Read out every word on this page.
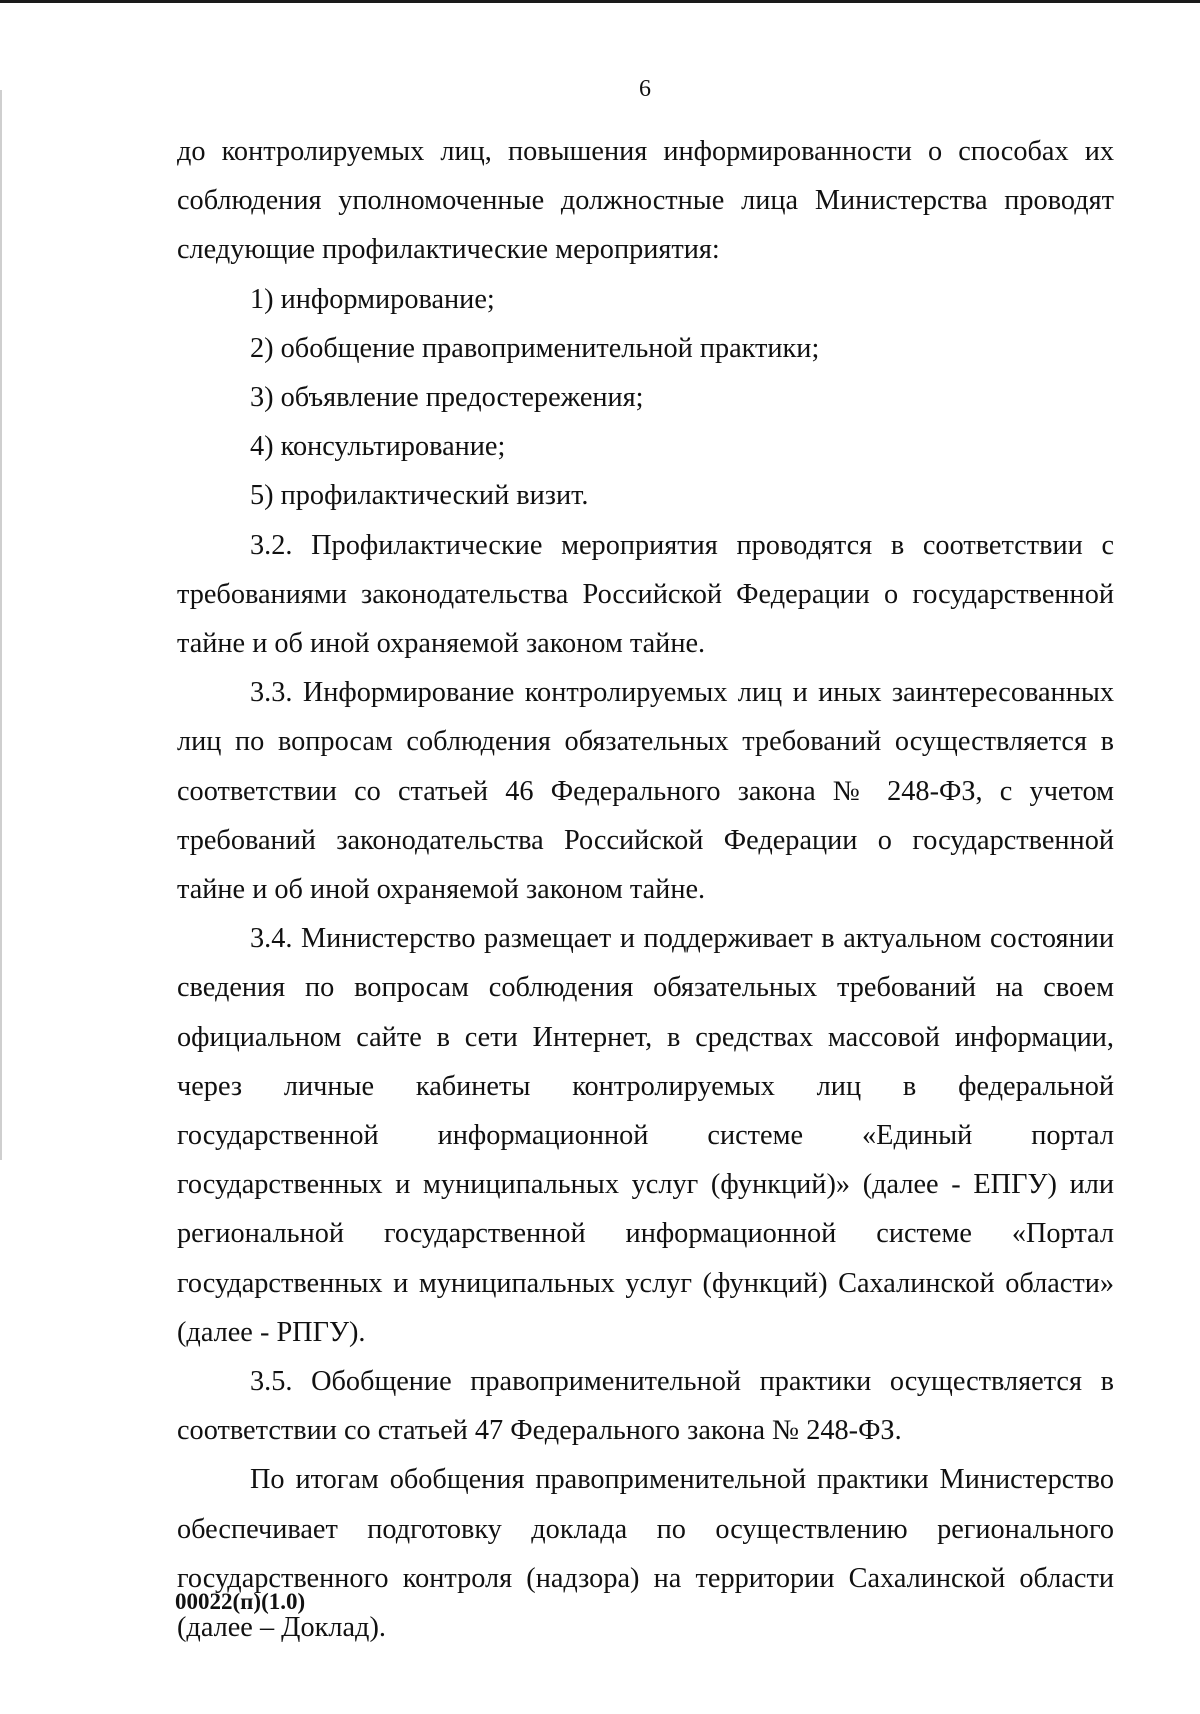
6

до контролируемых лиц, повышения информированности о способах их соблюдения уполномоченные должностные лица Министерства проводят следующие профилактические мероприятия:

1) информирование;

2) обобщение правоприменительной практики;

3) объявление предостережения;

4) консультирование;

5) профилактический визит.

3.2. Профилактические мероприятия проводятся в соответствии с требованиями законодательства Российской Федерации о государственной тайне и об иной охраняемой законом тайне.

3.3. Информирование контролируемых лиц и иных заинтересованных лиц по вопросам соблюдения обязательных требований осуществляется в соответствии со статьей 46 Федерального закона № 248-ФЗ, с учетом требований законодательства Российской Федерации о государственной тайне и об иной охраняемой законом тайне.

3.4. Министерство размещает и поддерживает в актуальном состоянии сведения по вопросам соблюдения обязательных требований на своем официальном сайте в сети Интернет, в средствах массовой информации, через личные кабинеты контролируемых лиц в федеральной государственной информационной системе «Единый портал государственных и муниципальных услуг (функций)» (далее - ЕПГУ) или региональной государственной информационной системе «Портал государственных и муниципальных услуг (функций) Сахалинской области» (далее - РПГУ).

3.5. Обобщение правоприменительной практики осуществляется в соответствии со статьей 47 Федерального закона № 248-ФЗ.

По итогам обобщения правоприменительной практики Министерство обеспечивает подготовку доклада по осуществлению регионального государственного контроля (надзора) на территории Сахалинской области (далее – Доклад).

00022(п)(1.0)
